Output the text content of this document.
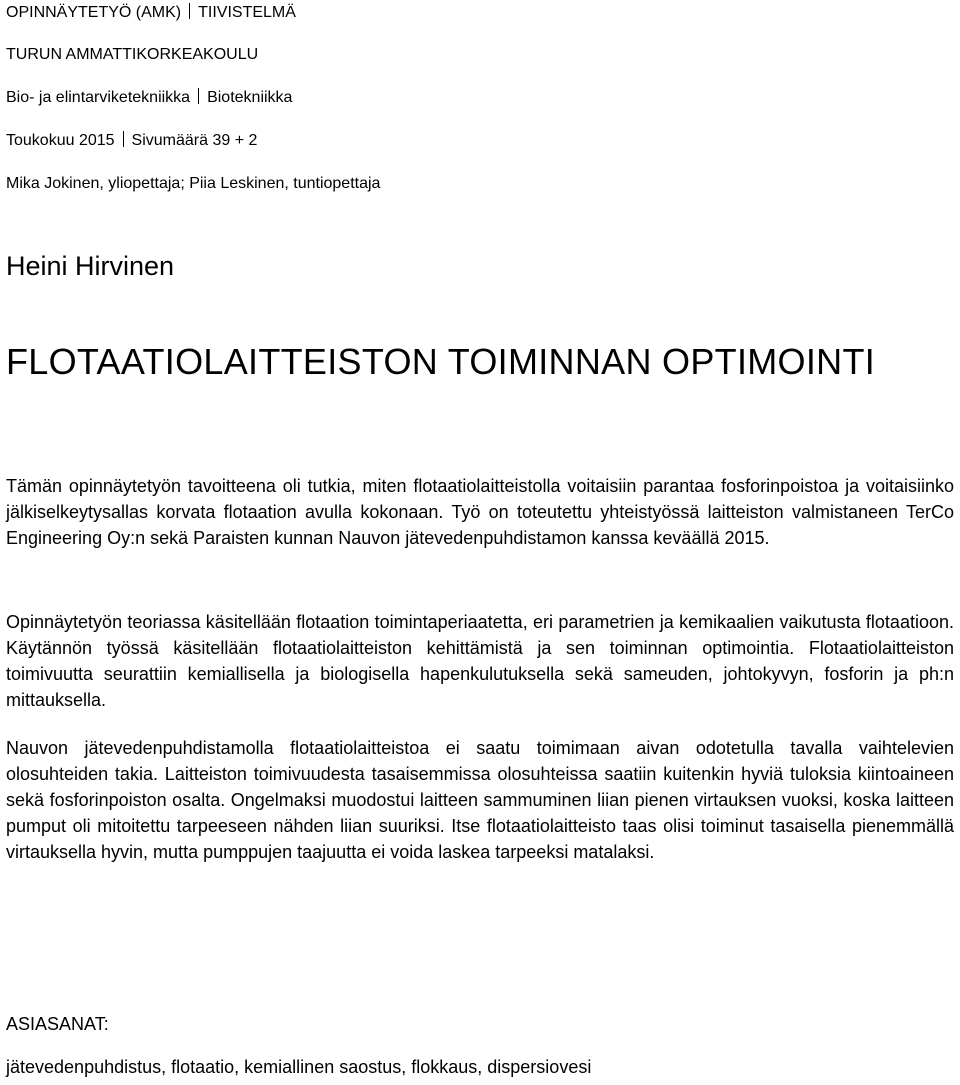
OPINNÄYTETYÖ (AMK) TIIVISTELMÄ
TURUN AMMATTIKORKEAKOULU
Bio- ja elintarviketekniikka Biotekniikka
Toukokuu 2015 Sivumäärä 39 + 2
Mika Jokinen, yliopettaja; Piia Leskinen, tuntiopettaja
Heini Hirvinen
FLOTAATIOLAITTEISTON TOIMINNAN OPTIMOINTI

Tämän opinnäytetyön tavoitteena oli tutkia, miten flotaatiolaitteistolla voitaisiin parantaa fosforinpoistoa ja voitaisiinko jälkiselkeytysallas korvata flotaation avulla kokonaan. Työ on toteutettu yhteistyössä laitteiston valmistaneen TerCo Engineering Oy:n sekä Paraisten kunnan Nauvon jätevedenpuhdistamon kanssa keväällä 2015.

Opinnäytetyön teoriassa käsitellään flotaation toimintaperiaatetta, eri parametrien ja kemikaalien vaikutusta flotaatioon. Käytännön työssä käsitellään flotaatiolaitteiston kehittämistä ja sen toiminnan optimointia. Flotaatiolaitteiston toimivuutta seurattiin kemiallisella ja biologisella hapenkulutuksella sekä sameuden, johtokyvyn, fosforin ja ph:n mittauksella.

Nauvon jätevedenpuhdistamolla flotaatiolaitteistoa ei saatu toimimaan aivan odotetulla tavalla vaihtelevien olosuhteiden takia. Laitteiston toimivuudesta tasaisemmissa olosuhteissa saatiin kuitenkin hyviä tuloksia kiintoaineen sekä fosforinpoiston osalta. Ongelmaksi muodostui laitteen sammuminen liian pienen virtauksen vuoksi, koska laitteen pumput oli mitoitettu tarpeeseen nähden liian suuriksi. Itse flotaatiolaitteisto taas olisi toiminut tasaisella pienemmällä virtauksella hyvin, mutta pumppujen taajuutta ei voida laskea tarpeeksi matalaksi.

ASIASANAT:
jätevedenpuhdistus, flotaatio, kemiallinen saostus, flokkaus, dispersiovesi
